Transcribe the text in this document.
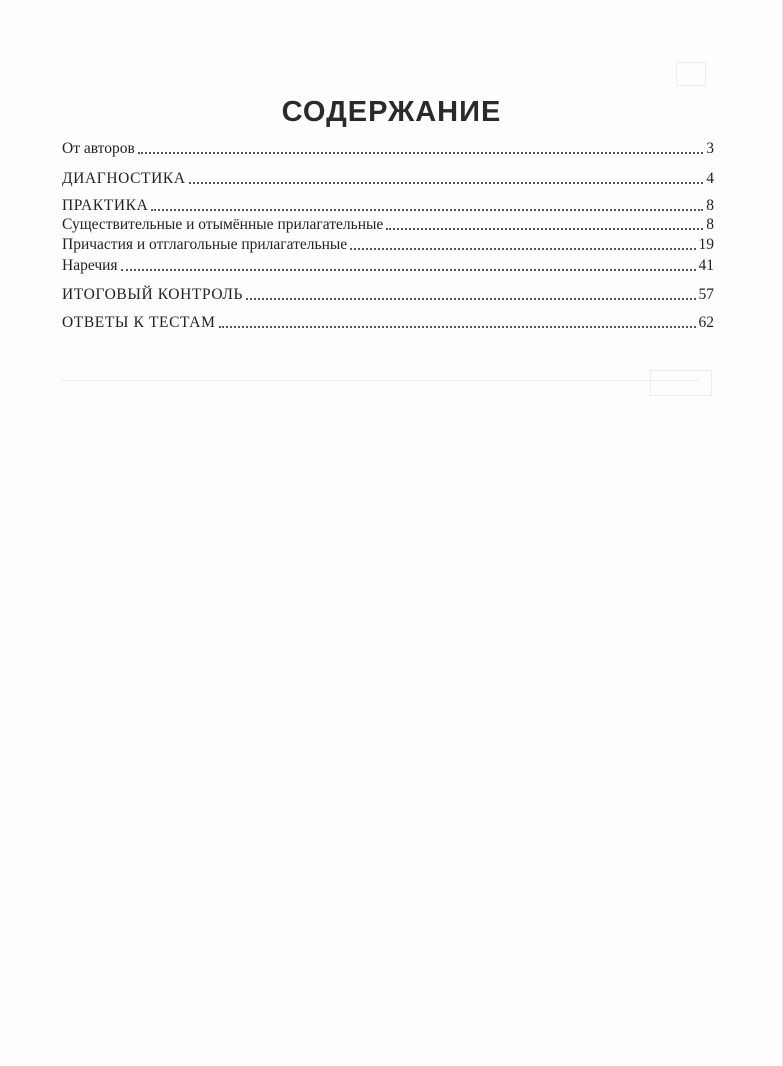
СОДЕРЖАНИЕ
От авторов	3
ДИАГНОСТИКА	4
ПРАКТИКА	8
Существительные и отымённые прилагательные	8
Причастия и отглагольные прилагательные	19
Наречия	41
ИТОГОВЫЙ КОНТРОЛЬ	57
ОТВЕТЫ К ТЕСТАМ	62
